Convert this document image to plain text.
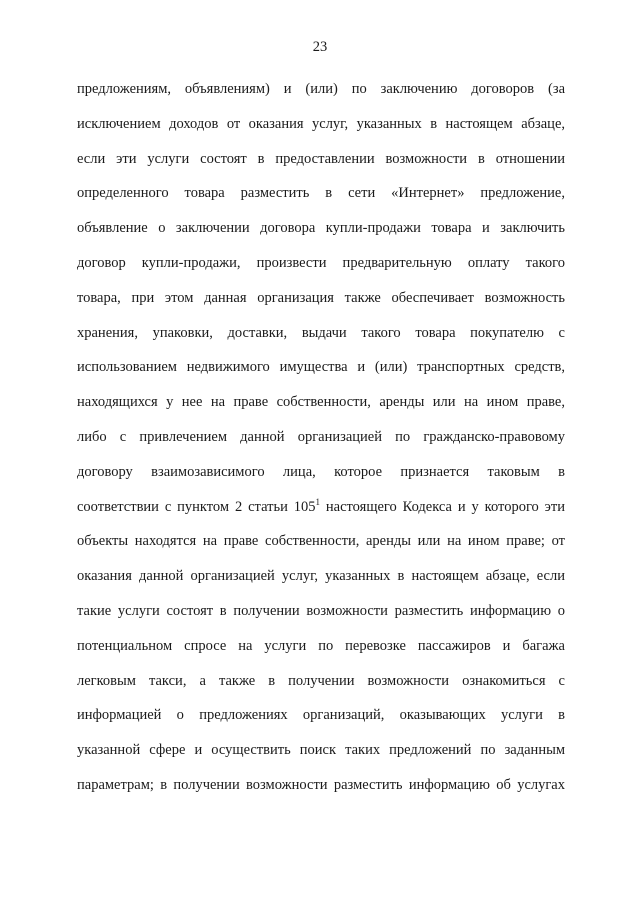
23
предложениям, объявлениям) и (или) по заключению договоров (за
исключением доходов от оказания услуг, указанных в настоящем абзаце,
если эти услуги состоят в предоставлении возможности в отношении
определенного товара разместить в сети «Интернет» предложение,
объявление о заключении договора купли-продажи товара и заключить
договор купли-продажи, произвести предварительную оплату такого
товара, при этом данная организация также обеспечивает возможность
хранения, упаковки, доставки, выдачи такого товара покупателю с
использованием недвижимого имущества и (или) транспортных средств,
находящихся у нее на праве собственности, аренды или на ином праве,
либо с привлечением данной организацией по гражданско-правовому
договору взаимозависимого лица, которое признается таковым в
соответствии с пунктом 2 статьи $105^1$ настоящего Кодекса и у которого эти
объекты находятся на праве собственности, аренды или на ином праве; от
оказания данной организацией услуг, указанных в настоящем абзаце, если
такие услуги состоят в получении возможности разместить информацию о
потенциальном спросе на услуги по перевозке пассажиров и багажа
легковым такси, а также в получении возможности ознакомиться с
информацией о предложениях организаций, оказывающих услуги в
указанной сфере и осуществить поиск таких предложений по заданным
параметрам; в получении возможности разместить информацию об услугах
